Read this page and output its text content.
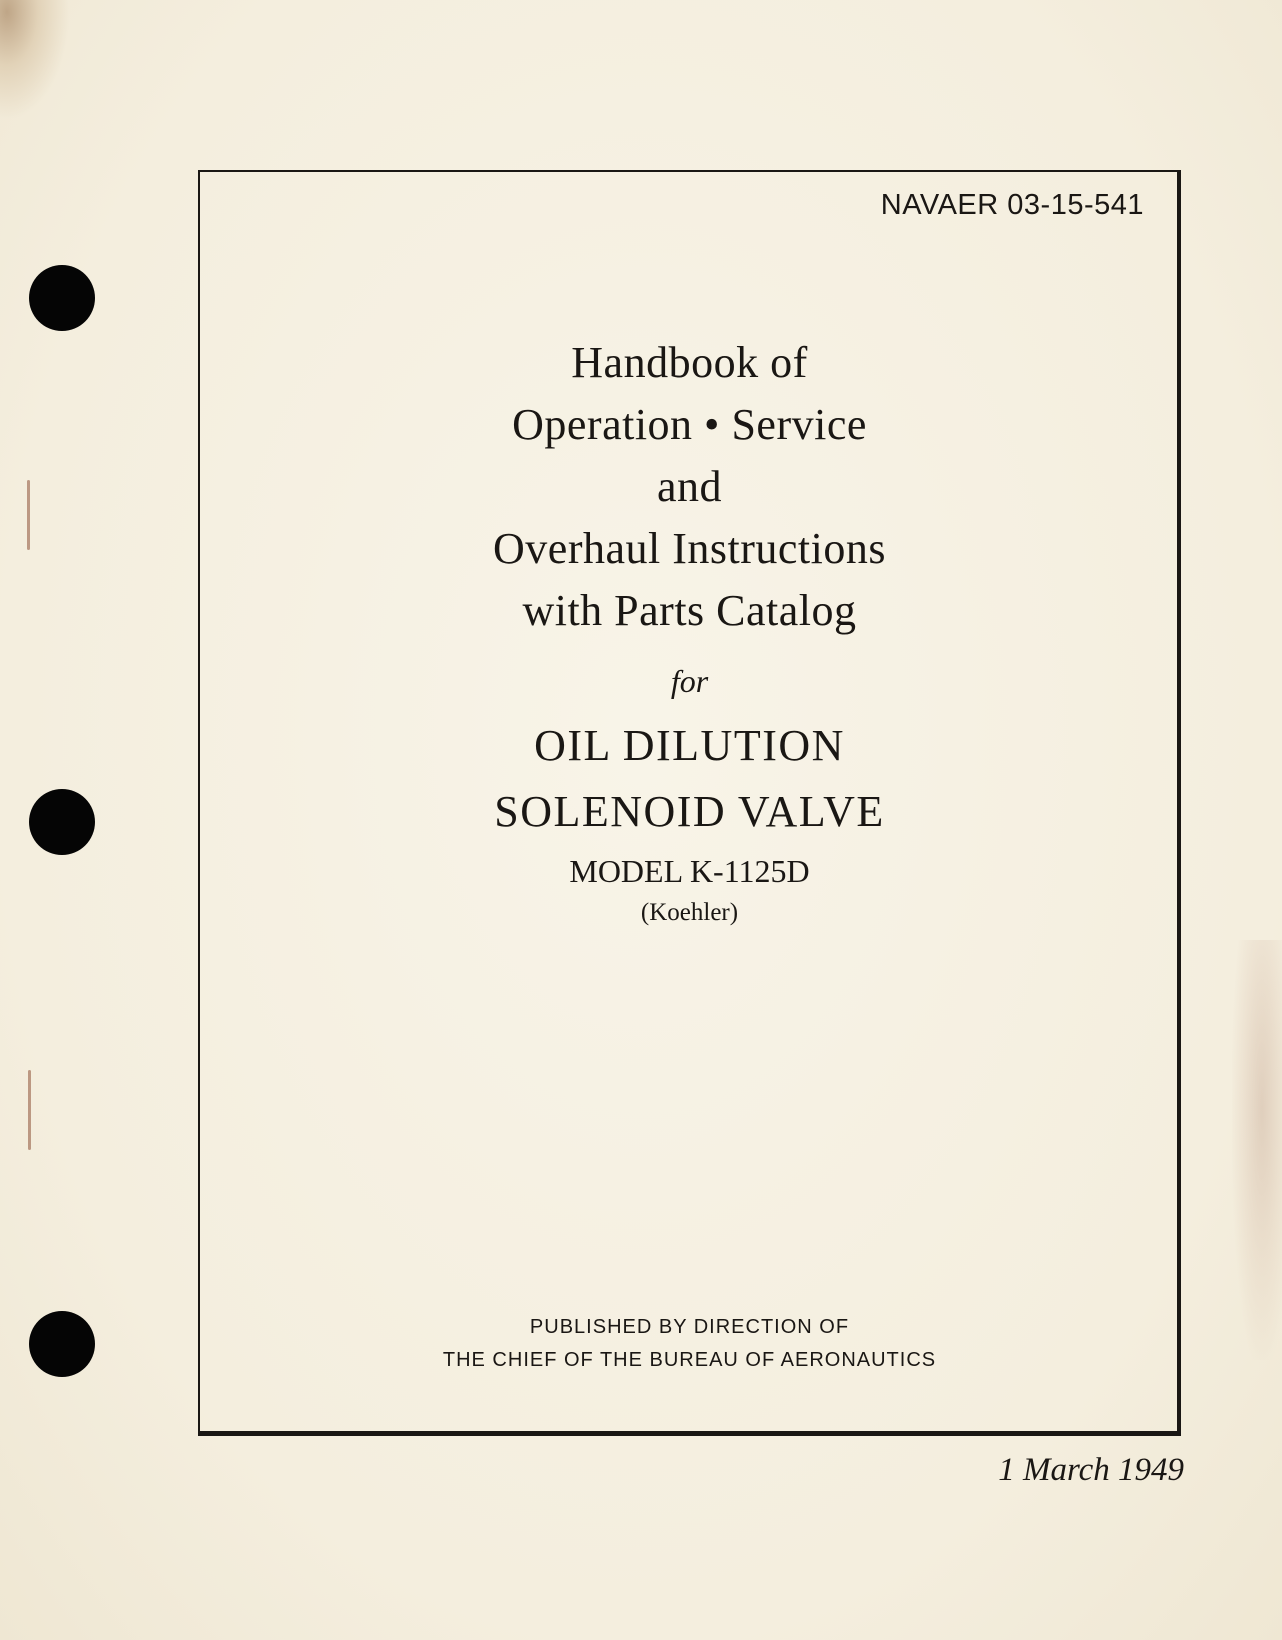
NAVAER 03-15-541
Handbook of
Operation • Service
and
Overhaul Instructions
with Parts Catalog
for
OIL DILUTION
SOLENOID VALVE
MODEL K-1125D
(Koehler)
PUBLISHED BY DIRECTION OF
THE CHIEF OF THE BUREAU OF AERONAUTICS
1 March 1949
